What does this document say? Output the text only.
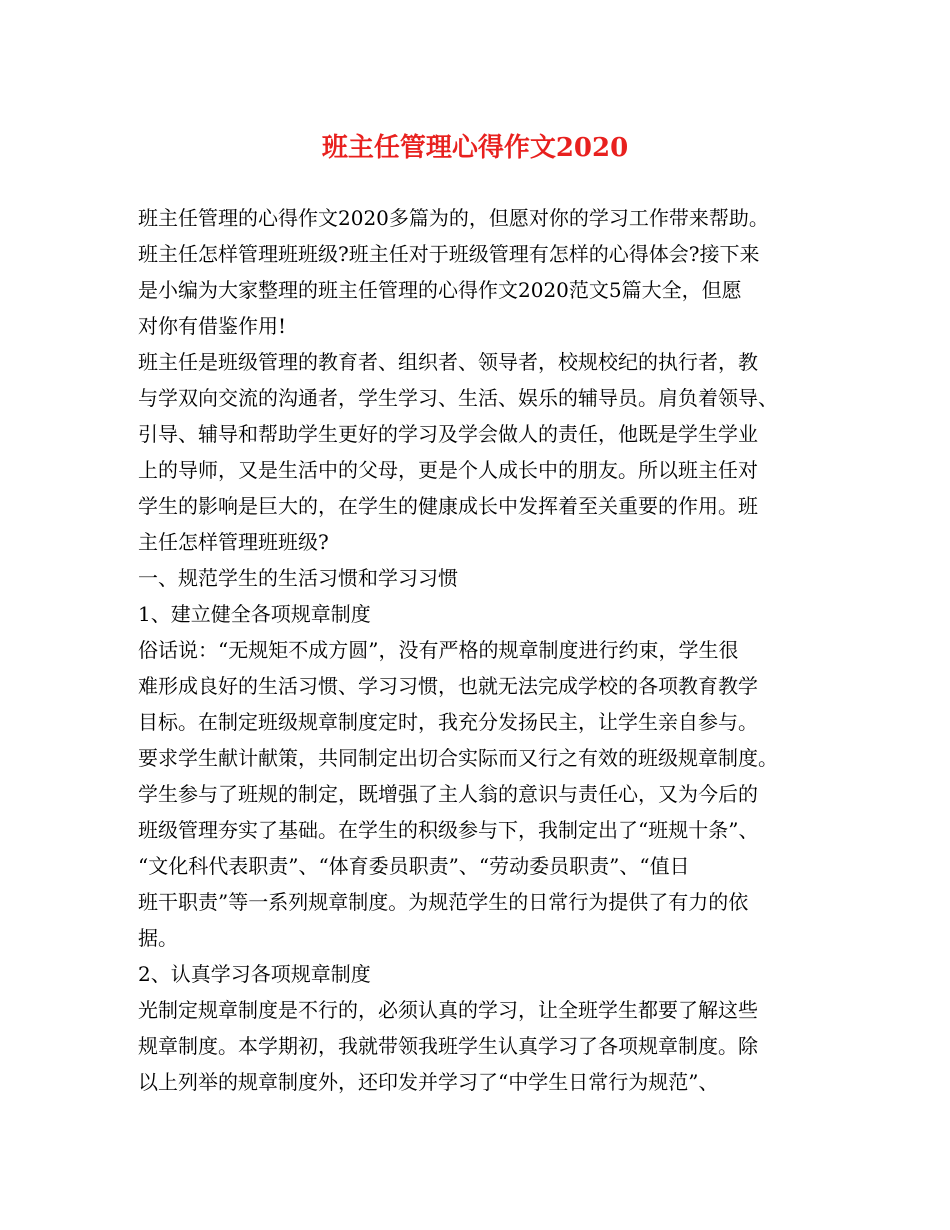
班主任管理心得作文2020
班主任管理的心得作文2020多篇为的，但愿对你的学习工作带来帮助。
班主任怎样管理班班级?班主任对于班级管理有怎样的心得体会?接下来
是小编为大家整理的班主任管理的心得作文2020范文5篇大全，但愿
对你有借鉴作用!
班主任是班级管理的教育者、组织者、领导者，校规校纪的执行者，教
与学双向交流的沟通者，学生学习、生活、娱乐的辅导员。肩负着领导、
引导、辅导和帮助学生更好的学习及学会做人的责任，他既是学生学业
上的导师，又是生活中的父母，更是个人成长中的朋友。所以班主任对
学生的影响是巨大的，在学生的健康成长中发挥着至关重要的作用。班
主任怎样管理班班级?
一、规范学生的生活习惯和学习习惯
1、建立健全各项规章制度
俗话说：“无规矩不成方圆”，没有严格的规章制度进行约束，学生很
难形成良好的生活习惯、学习习惯，也就无法完成学校的各项教育教学
目标。在制定班级规章制度定时，我充分发扬民主，让学生亲自参与。
要求学生献计献策，共同制定出切合实际而又行之有效的班级规章制度。
学生参与了班规的制定，既增强了主人翁的意识与责任心，又为今后的
班级管理夯实了基础。在学生的积级参与下，我制定出了“班规十条”、
“文化科代表职责”、“体育委员职责”、“劳动委员职责”、“值日
班干职责”等一系列规章制度。为规范学生的日常行为提供了有力的依
据。
2、认真学习各项规章制度
光制定规章制度是不行的，必须认真的学习，让全班学生都要了解这些
规章制度。本学期初，我就带领我班学生认真学习了各项规章制度。除
以上列举的规章制度外，还印发并学习了“中学生日常行为规范”、
